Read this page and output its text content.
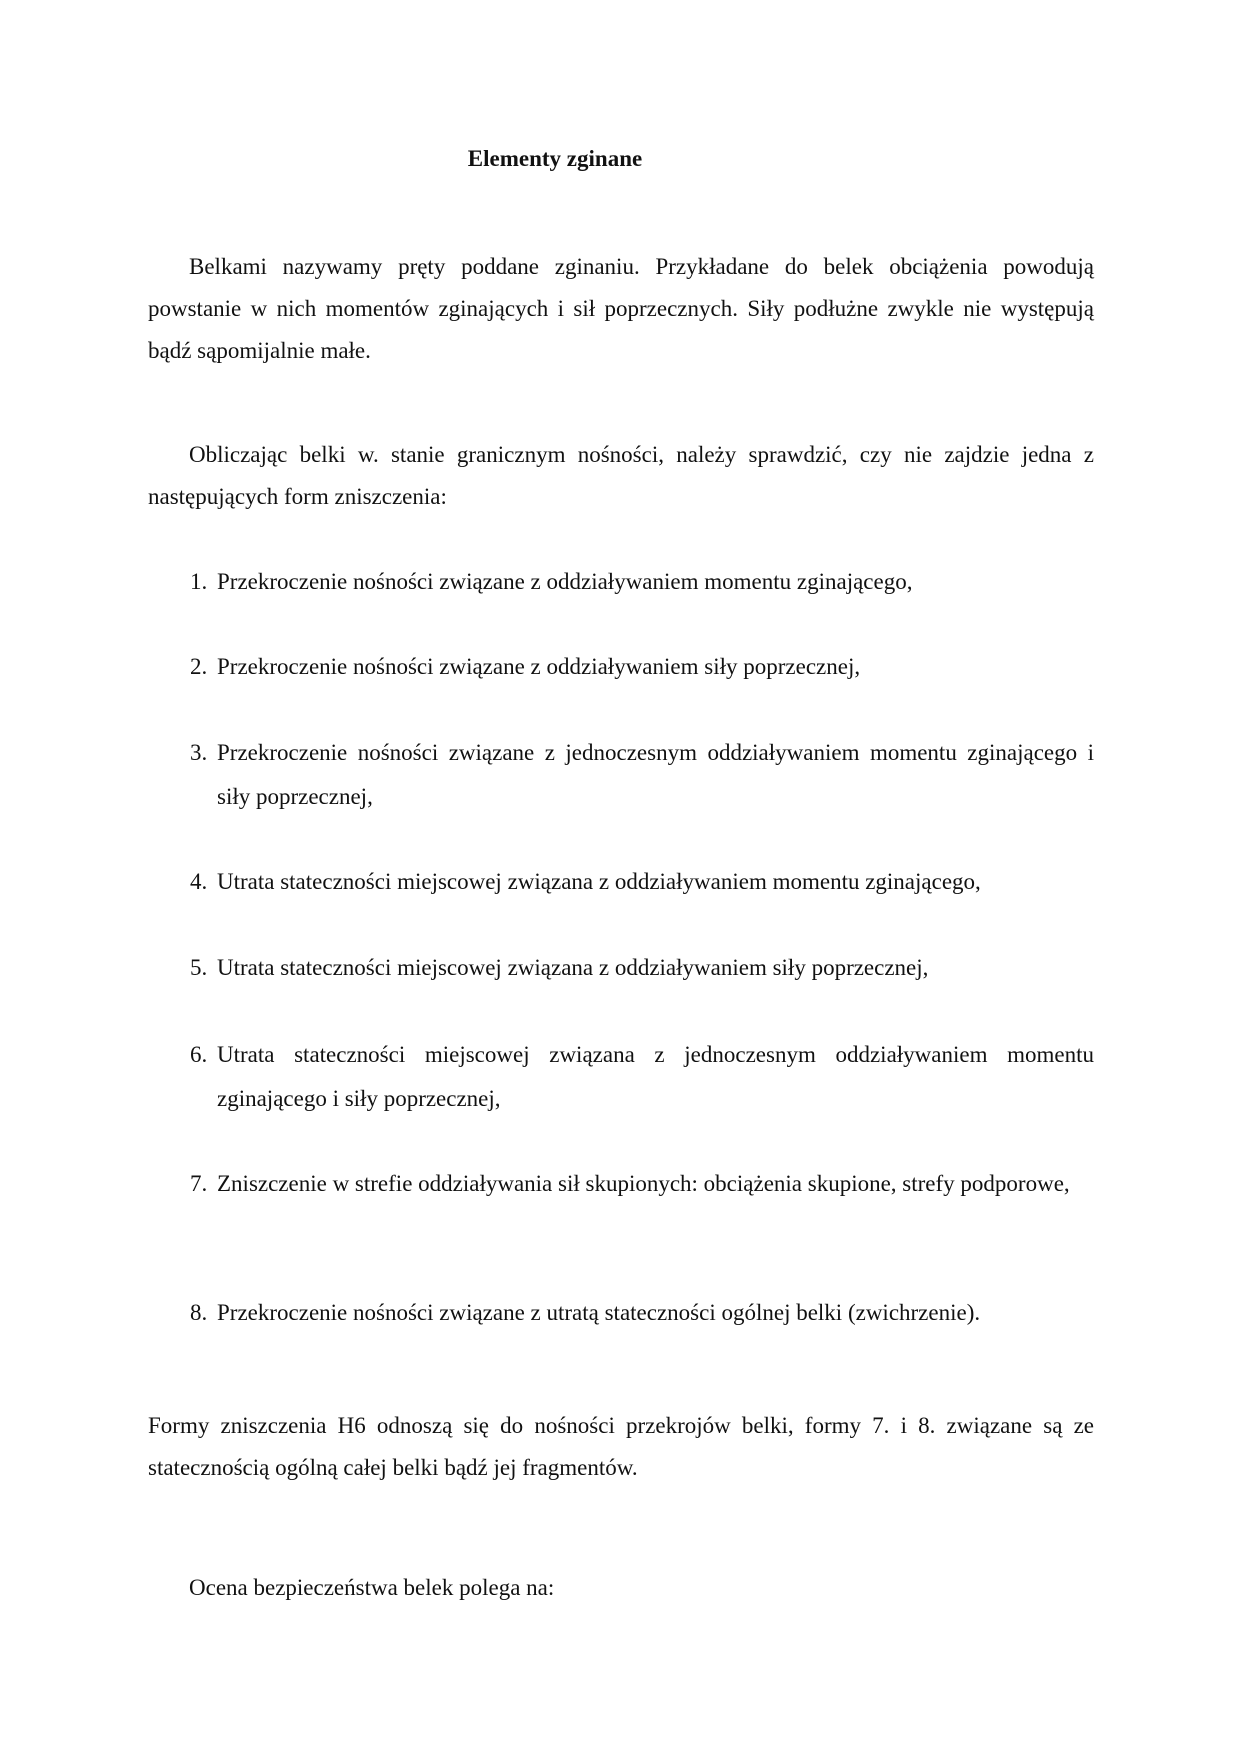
Elementy zginane
Belkami nazywamy pręty poddane zginaniu. Przykładane do belek obciążenia powodują powstanie w nich momentów zginających i sił poprzecznych. Siły podłużne zwykle nie występują bądź sąpomijalnie małe.
Obliczając belki w. stanie granicznym nośności, należy sprawdzić, czy nie zajdzie jedna z następujących form zniszczenia:
1. Przekroczenie nośności związane z oddziaływaniem momentu zginającego,
2. Przekroczenie nośności związane z oddziaływaniem siły poprzecznej,
3. Przekroczenie nośności związane z jednoczesnym oddziaływaniem momentu zginającego i siły poprzecznej,
4. Utrata stateczności miejscowej związana z oddziaływaniem momentu zginającego,
5. Utrata stateczności miejscowej związana z oddziaływaniem siły poprzecznej,
6. Utrata stateczności miejscowej związana z jednoczesnym oddziaływaniem momentu zginającego i siły poprzecznej,
7. Zniszczenie w strefie oddziaływania sił skupionych: obciążenia skupione, strefy podporowe,
8. Przekroczenie nośności związane z utratą stateczności ogólnej belki (zwichrzenie).
Formy zniszczenia H6 odnoszą się do nośności przekrojów belki, formy 7. i 8. związane są ze statecznością ogólną całej belki bądź jej fragmentów.
Ocena bezpieczeństwa belek polega na:
